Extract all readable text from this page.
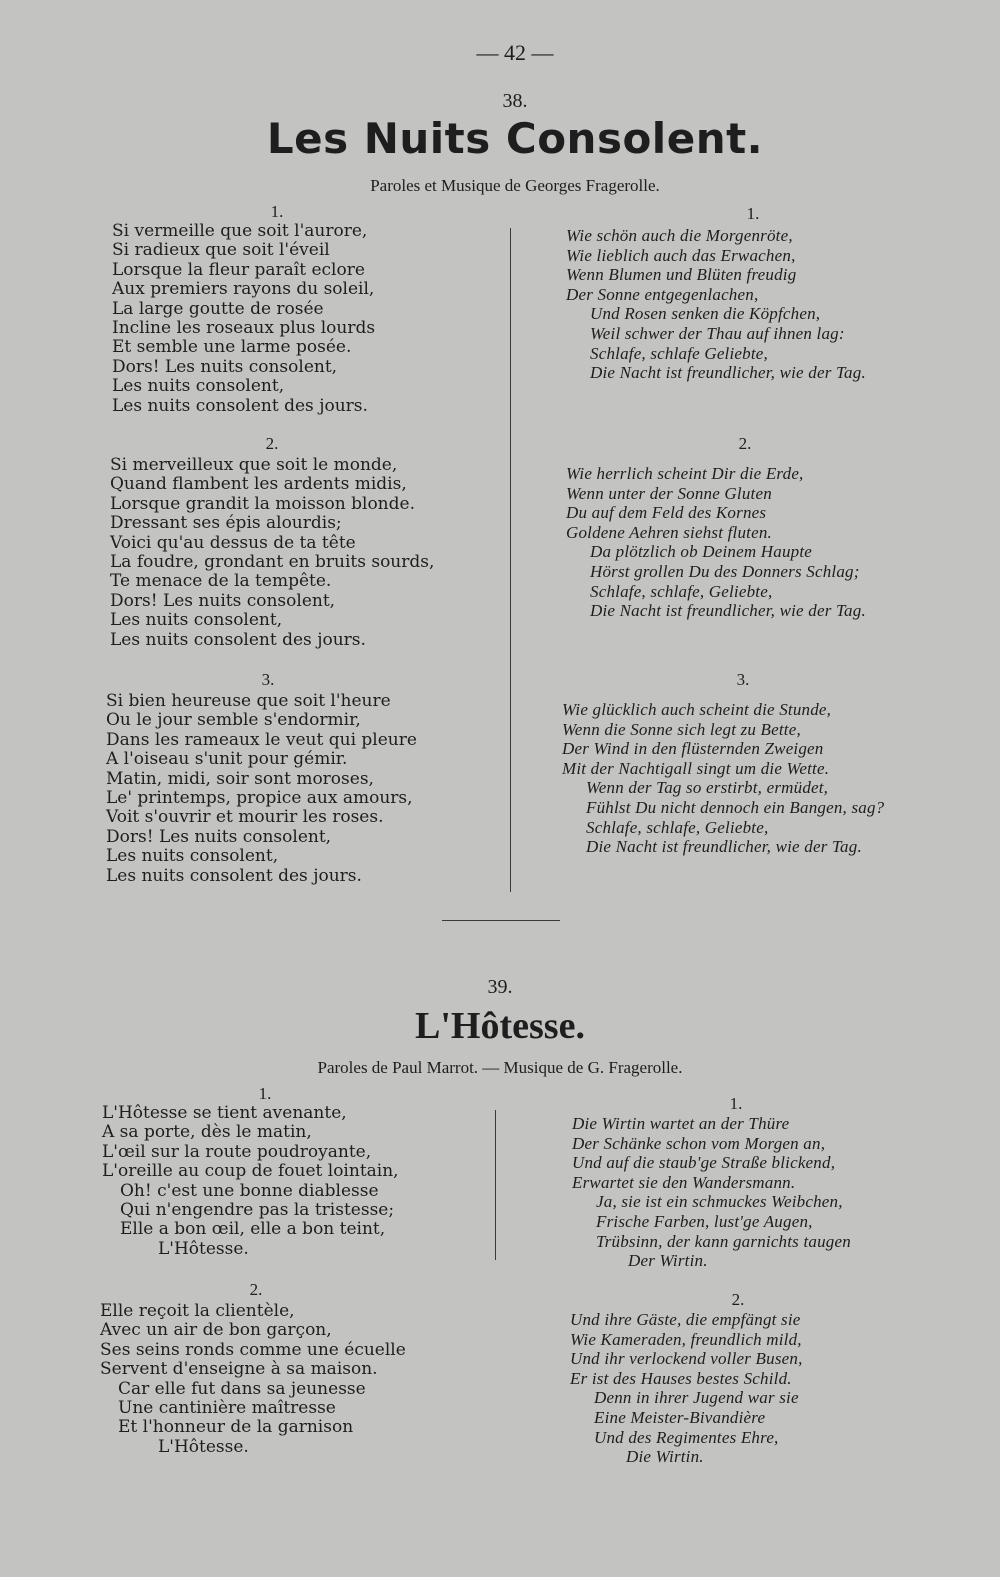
— 42 —
38.
Les Nuits Consolent.
Paroles et Musique de Georges Fragerolle.
1.
Si vermeille que soit l'aurore,
Si radieux que soit l'éveil
Lorsque la fleur paraît eclore
Aux premiers rayons du soleil,
La large goutte de rosée
Incline les roseaux plus lourds
Et semble une larme posée.
Dors! Les nuits consolent,
Les nuits consolent,
Les nuits consolent des jours.
2.
Si merveilleux que soit le monde,
Quand flambent les ardents midis,
Lorsque grandit la moisson blonde.
Dressant ses épis alourdis;
Voici qu'au dessus de ta tête
La foudre, grondant en bruits sourds,
Te menace de la tempête.
Dors! Les nuits consolent,
Les nuits consolent,
Les nuits consolent des jours.
3.
Si bien heureuse que soit l'heure
Ou le jour semble s'endormir,
Dans les rameaux le veut qui pleure
A l'oiseau s'unit pour gémir.
Matin, midi, soir sont moroses,
Le' printemps, propice aux amours,
Voit s'ouvrir et mourir les roses.
Dors! Les nuits consolent,
Les nuits consolent,
Les nuits consolent des jours.
1.
Wie schön auch die Morgenröte,
Wie lieblich auch das Erwachen,
Wenn Blumen und Blüten freudig
Der Sonne entgegenlachen,
Und Rosen senken die Köpfchen,
Weil schwer der Thau auf ihnen lag:
Schlafe, schlafe Geliebte,
Die Nacht ist freundlicher, wie der Tag.
2.
Wie herrlich scheint Dir die Erde,
Wenn unter der Sonne Gluten
Du auf dem Feld des Kornes
Goldene Aehren siehst fluten.
Da plötzlich ob Deinem Haupte
Hörst grollen Du des Donners Schlag;
Schlafe, schlafe, Geliebte,
Die Nacht ist freundlicher, wie der Tag.
3.
Wie glücklich auch scheint die Stunde,
Wenn die Sonne sich legt zu Bette,
Der Wind in den flüsternden Zweigen
Mit der Nachtigall singt um die Wette.
Wenn der Tag so erstirbt, ermüdet,
Fühlst Du nicht dennoch ein Bangen, sag?
Schlafe, schlafe, Geliebte,
Die Nacht ist freundlicher, wie der Tag.
39.
L'Hôtesse.
Paroles de Paul Marrot. — Musique de G. Fragerolle.
1.
L'Hôtesse se tient avenante,
A sa porte, dès le matin,
L'œil sur la route poudroyante,
L'oreille au coup de fouet lointain,
Oh! c'est une bonne diablesse
Qui n'engendre pas la tristesse;
Elle a bon œil, elle a bon teint,
L'Hôtesse.
2.
Elle reçoit la clientèle,
Avec un air de bon garçon,
Ses seins ronds comme une écuelle
Servent d'enseigne à sa maison.
Car elle fut dans sa jeunesse
Une cantinière maîtresse
Et l'honneur de la garnison
L'Hôtesse.
1.
Die Wirtin wartet an der Thüre
Der Schänke schon vom Morgen an,
Und auf die staub'ge Straße blickend,
Erwartet sie den Wandersmann.
Ja, sie ist ein schmuckes Weibchen,
Frische Farben, lust'ge Augen,
Trübsinn, der kann garnichts taugen
Der Wirtin.
2.
Und ihre Gäste, die empfängt sie
Wie Kameraden, freundlich mild,
Und ihr verlockend voller Busen,
Er ist des Hauses bestes Schild.
Denn in ihrer Jugend war sie
Eine Meister-Bivandière
Und des Regimentes Ehre,
Die Wirtin.
